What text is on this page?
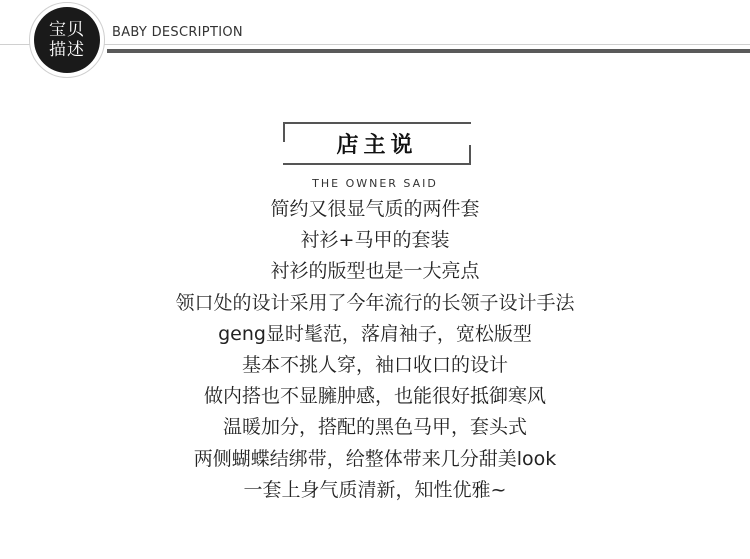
宝贝
描述
BABY DESCRIPTION
店主说
THE OWNER SAID
简约又很显气质的两件套
衬衫+马甲的套装
衬衫的版型也是一大亮点
领口处的设计采用了今年流行的长领子设计手法
geng显时髦范，落肩袖子，宽松版型
基本不挑人穿，袖口收口的设计
做内搭也不显臃肿感，也能很好抵御寒风
温暖加分，搭配的黑色马甲，套头式
两侧蝴蝶结绑带，给整体带来几分甜美look
一套上身气质清新，知性优雅~
